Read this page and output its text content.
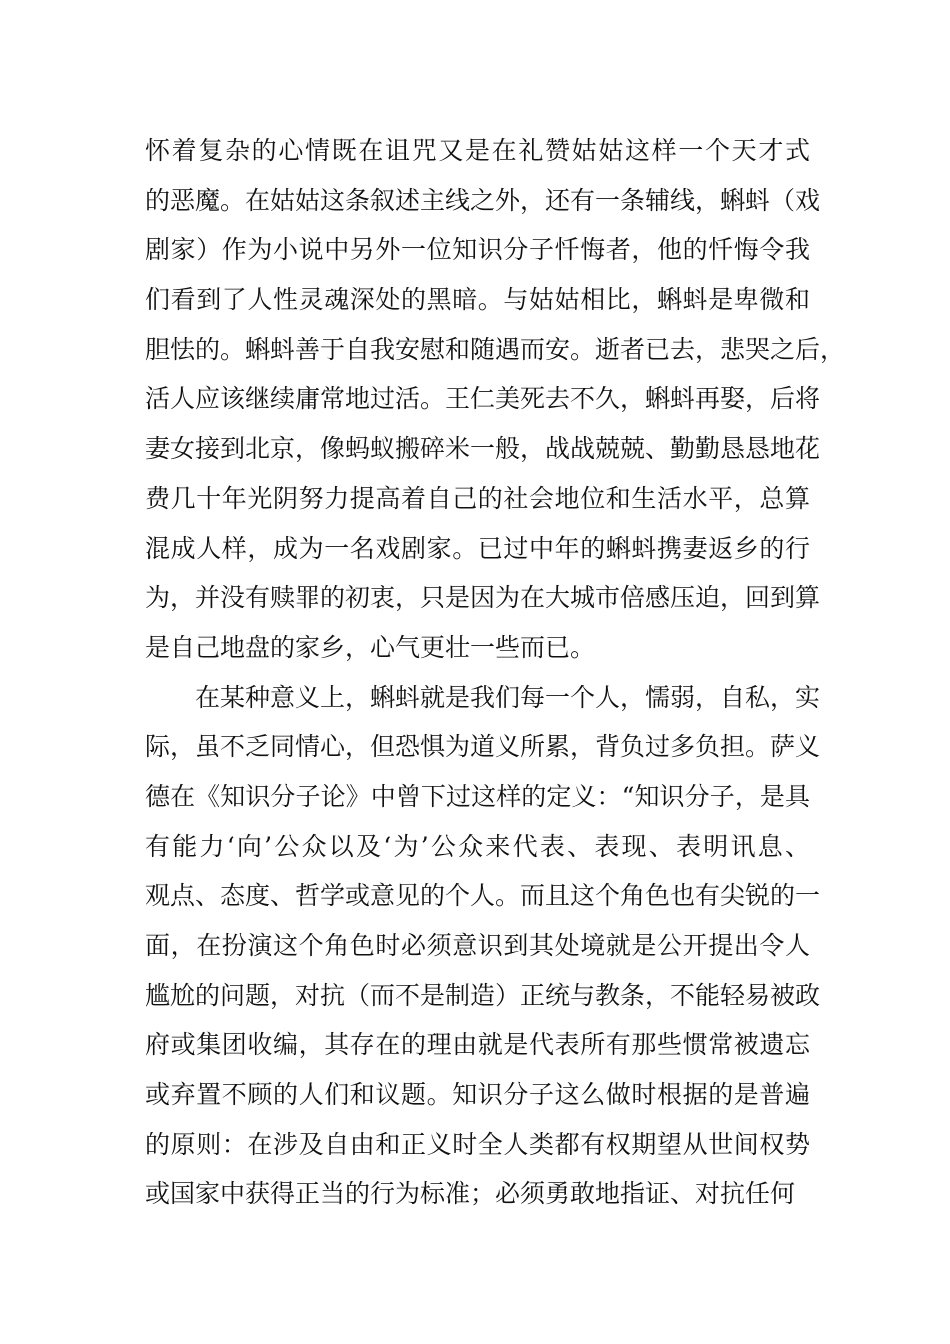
怀着复杂的心情既在诅咒又是在礼赞姑姑这样一个天才式
的恶魔。在姑姑这条叙述主线之外，还有一条辅线，蝌蚪（戏
剧家）作为小说中另外一位知识分子忏悔者，他的忏悔令我
们看到了人性灵魂深处的黑暗。与姑姑相比，蝌蚪是卑微和
胆怯的。蝌蚪善于自我安慰和随遇而安。逝者已去，悲哭之后，
活人应该继续庸常地过活。王仁美死去不久，蝌蚪再娶，后将
妻女接到北京，像蚂蚁搬碎米一般，战战兢兢、勤勤恳恳地花
费几十年光阴努力提高着自己的社会地位和生活水平，总算
混成人样，成为一名戏剧家。已过中年的蝌蚪携妻返乡的行
为，并没有赎罪的初衷，只是因为在大城市倍感压迫，回到算
是自己地盘的家乡，心气更壮一些而已。
在某种意义上，蝌蚪就是我们每一个人，懦弱，自私，实
际，虽不乏同情心，但恐惧为道义所累，背负过多负担。萨义
德在《知识分子论》中曾下过这样的定义：“知识分子，是具
有能力‘向’公众以及‘为’公众来代表、表现、表明讯息、
观点、态度、哲学或意见的个人。而且这个角色也有尖锐的一
面，在扮演这个角色时必须意识到其处境就是公开提出令人
尴尬的问题，对抗（而不是制造）正统与教条，不能轻易被政
府或集团收编，其存在的理由就是代表所有那些惯常被遗忘
或弃置不顾的人们和议题。知识分子这么做时根据的是普遍
的原则：在涉及自由和正义时全人类都有权期望从世间权势
或国家中获得正当的行为标准；必须勇敢地指证、对抗任何
